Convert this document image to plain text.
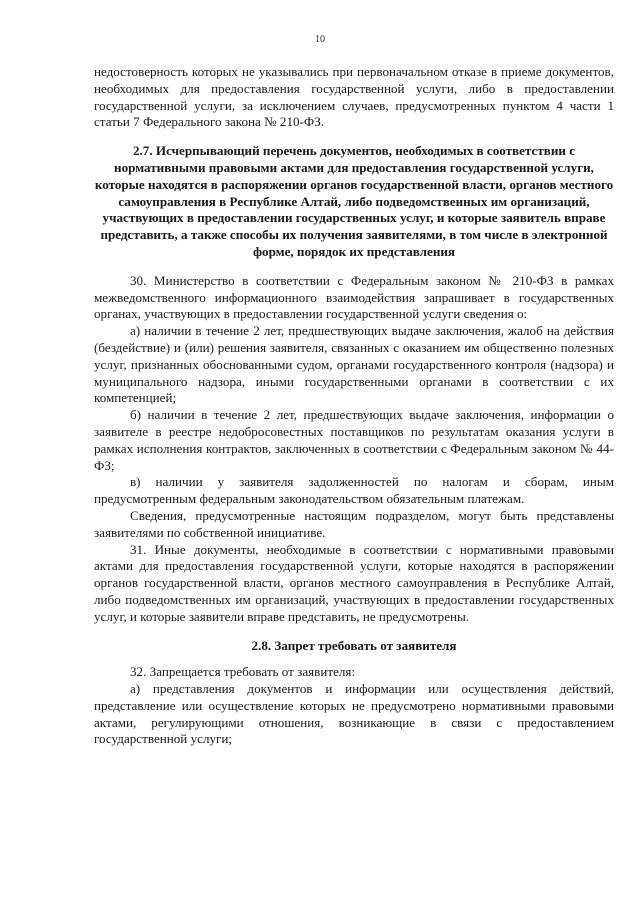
10

недостоверность которых не указывались при первоначальном отказе в приеме документов, необходимых для предоставления государственной услуги, либо в предоставлении государственной услуги, за исключением случаев, предусмотренных пунктом 4 части 1 статьи 7 Федерального закона № 210-ФЗ.

2.7. Исчерпывающий перечень документов, необходимых в соответствии с нормативными правовыми актами для предоставления государственной услуги, которые находятся в распоряжении органов государственной власти, органов местного самоуправления в Республике Алтай, либо подведомственных им организаций, участвующих в предоставлении государственных услуг, и которые заявитель вправе представить, а также способы их получения заявителями, в том числе в электронной форме, порядок их представления

30. Министерство в соответствии с Федеральным законом № 210-ФЗ в рамках межведомственного информационного взаимодействия запрашивает в государственных органах, участвующих в предоставлении государственной услуги сведения о:

а) наличии в течение 2 лет, предшествующих выдаче заключения, жалоб на действия (бездействие) и (или) решения заявителя, связанных с оказанием им общественно полезных услуг, признанных обоснованными судом, органами государственного контроля (надзора) и муниципального надзора, иными государственными органами в соответствии с их компетенцией;

б) наличии в течение 2 лет, предшествующих выдаче заключения, информации о заявителе в реестре недобросовестных поставщиков по результатам оказания услуги в рамках исполнения контрактов, заключенных в соответствии с Федеральным законом № 44-ФЗ;

в) наличии у заявителя задолженностей по налогам и сборам, иным предусмотренным федеральным законодательством обязательным платежам.

Сведения, предусмотренные настоящим подразделом, могут быть представлены заявителями по собственной инициативе.

31. Иные документы, необходимые в соответствии с нормативными правовыми актами для предоставления государственной услуги, которые находятся в распоряжении органов государственной власти, органов местного самоуправления в Республике Алтай, либо подведомственных им организаций, участвующих в предоставлении государственных услуг, и которые заявители вправе представить, не предусмотрены.

2.8. Запрет требовать от заявителя

32. Запрещается требовать от заявителя:

а) представления документов и информации или осуществления действий, представление или осуществление которых не предусмотрено нормативными правовыми актами, регулирующими отношения, возникающие в связи с предоставлением государственной услуги;
